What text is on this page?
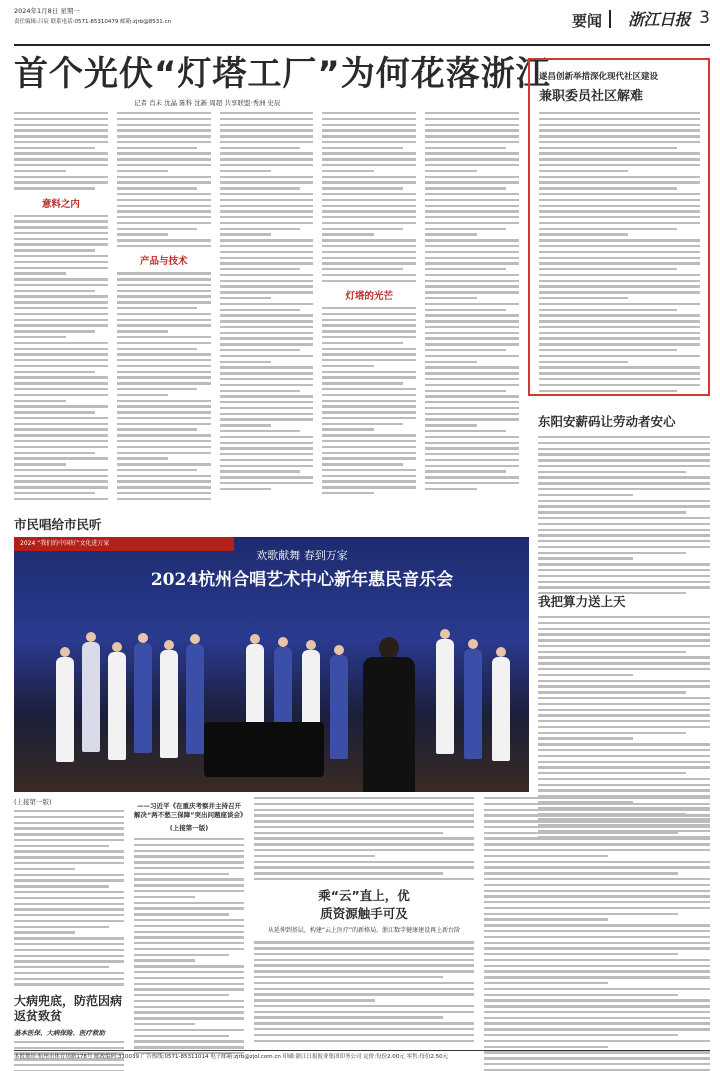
2024年1月8日 星期一
责任编辑:吕宸 联系电话:0571-85310479 邮箱:zjrb@8531.cn	要闻 浙江日报 3
首个光伏“灯塔工厂”为何花落浙江
记者 肖未 沈晶 陈科 沈新 周超 共享联盟·秀洲 史辰
意料之内
产品与技术
灯塔的光芒
遂昌创新举措深化现代社区建设
兼职委员社区解难
东阳安薪码让劳动者安心
我把算力送上天
市民唱给市民听
2024 “我们的中国好”文化进万家
欢歌献舞 春到万家
2024杭州合唱艺术中心新年惠民音乐会
(上接第一版)
大病兜底，防范因病返贫致贫
基本医保、大病保险、医疗救助
——习近平《在重庆考察并主持召开解决“两不愁三保障”突出问题座谈会》
(上接第一版)
乘“云”直上，优
质资源触手可及
从延伸到基层，构建“云上医疗”的新格局，浙江数字健康建设再上新台阶
本报地址:杭州市体育场路178号 邮政编码:310039 广告热线:0571-85311014 电子邮箱:zjrb@zjol.com.cn 印刷:浙江日报报业集团印务公司 定价:每份2.00元 零售:每份2.50元
